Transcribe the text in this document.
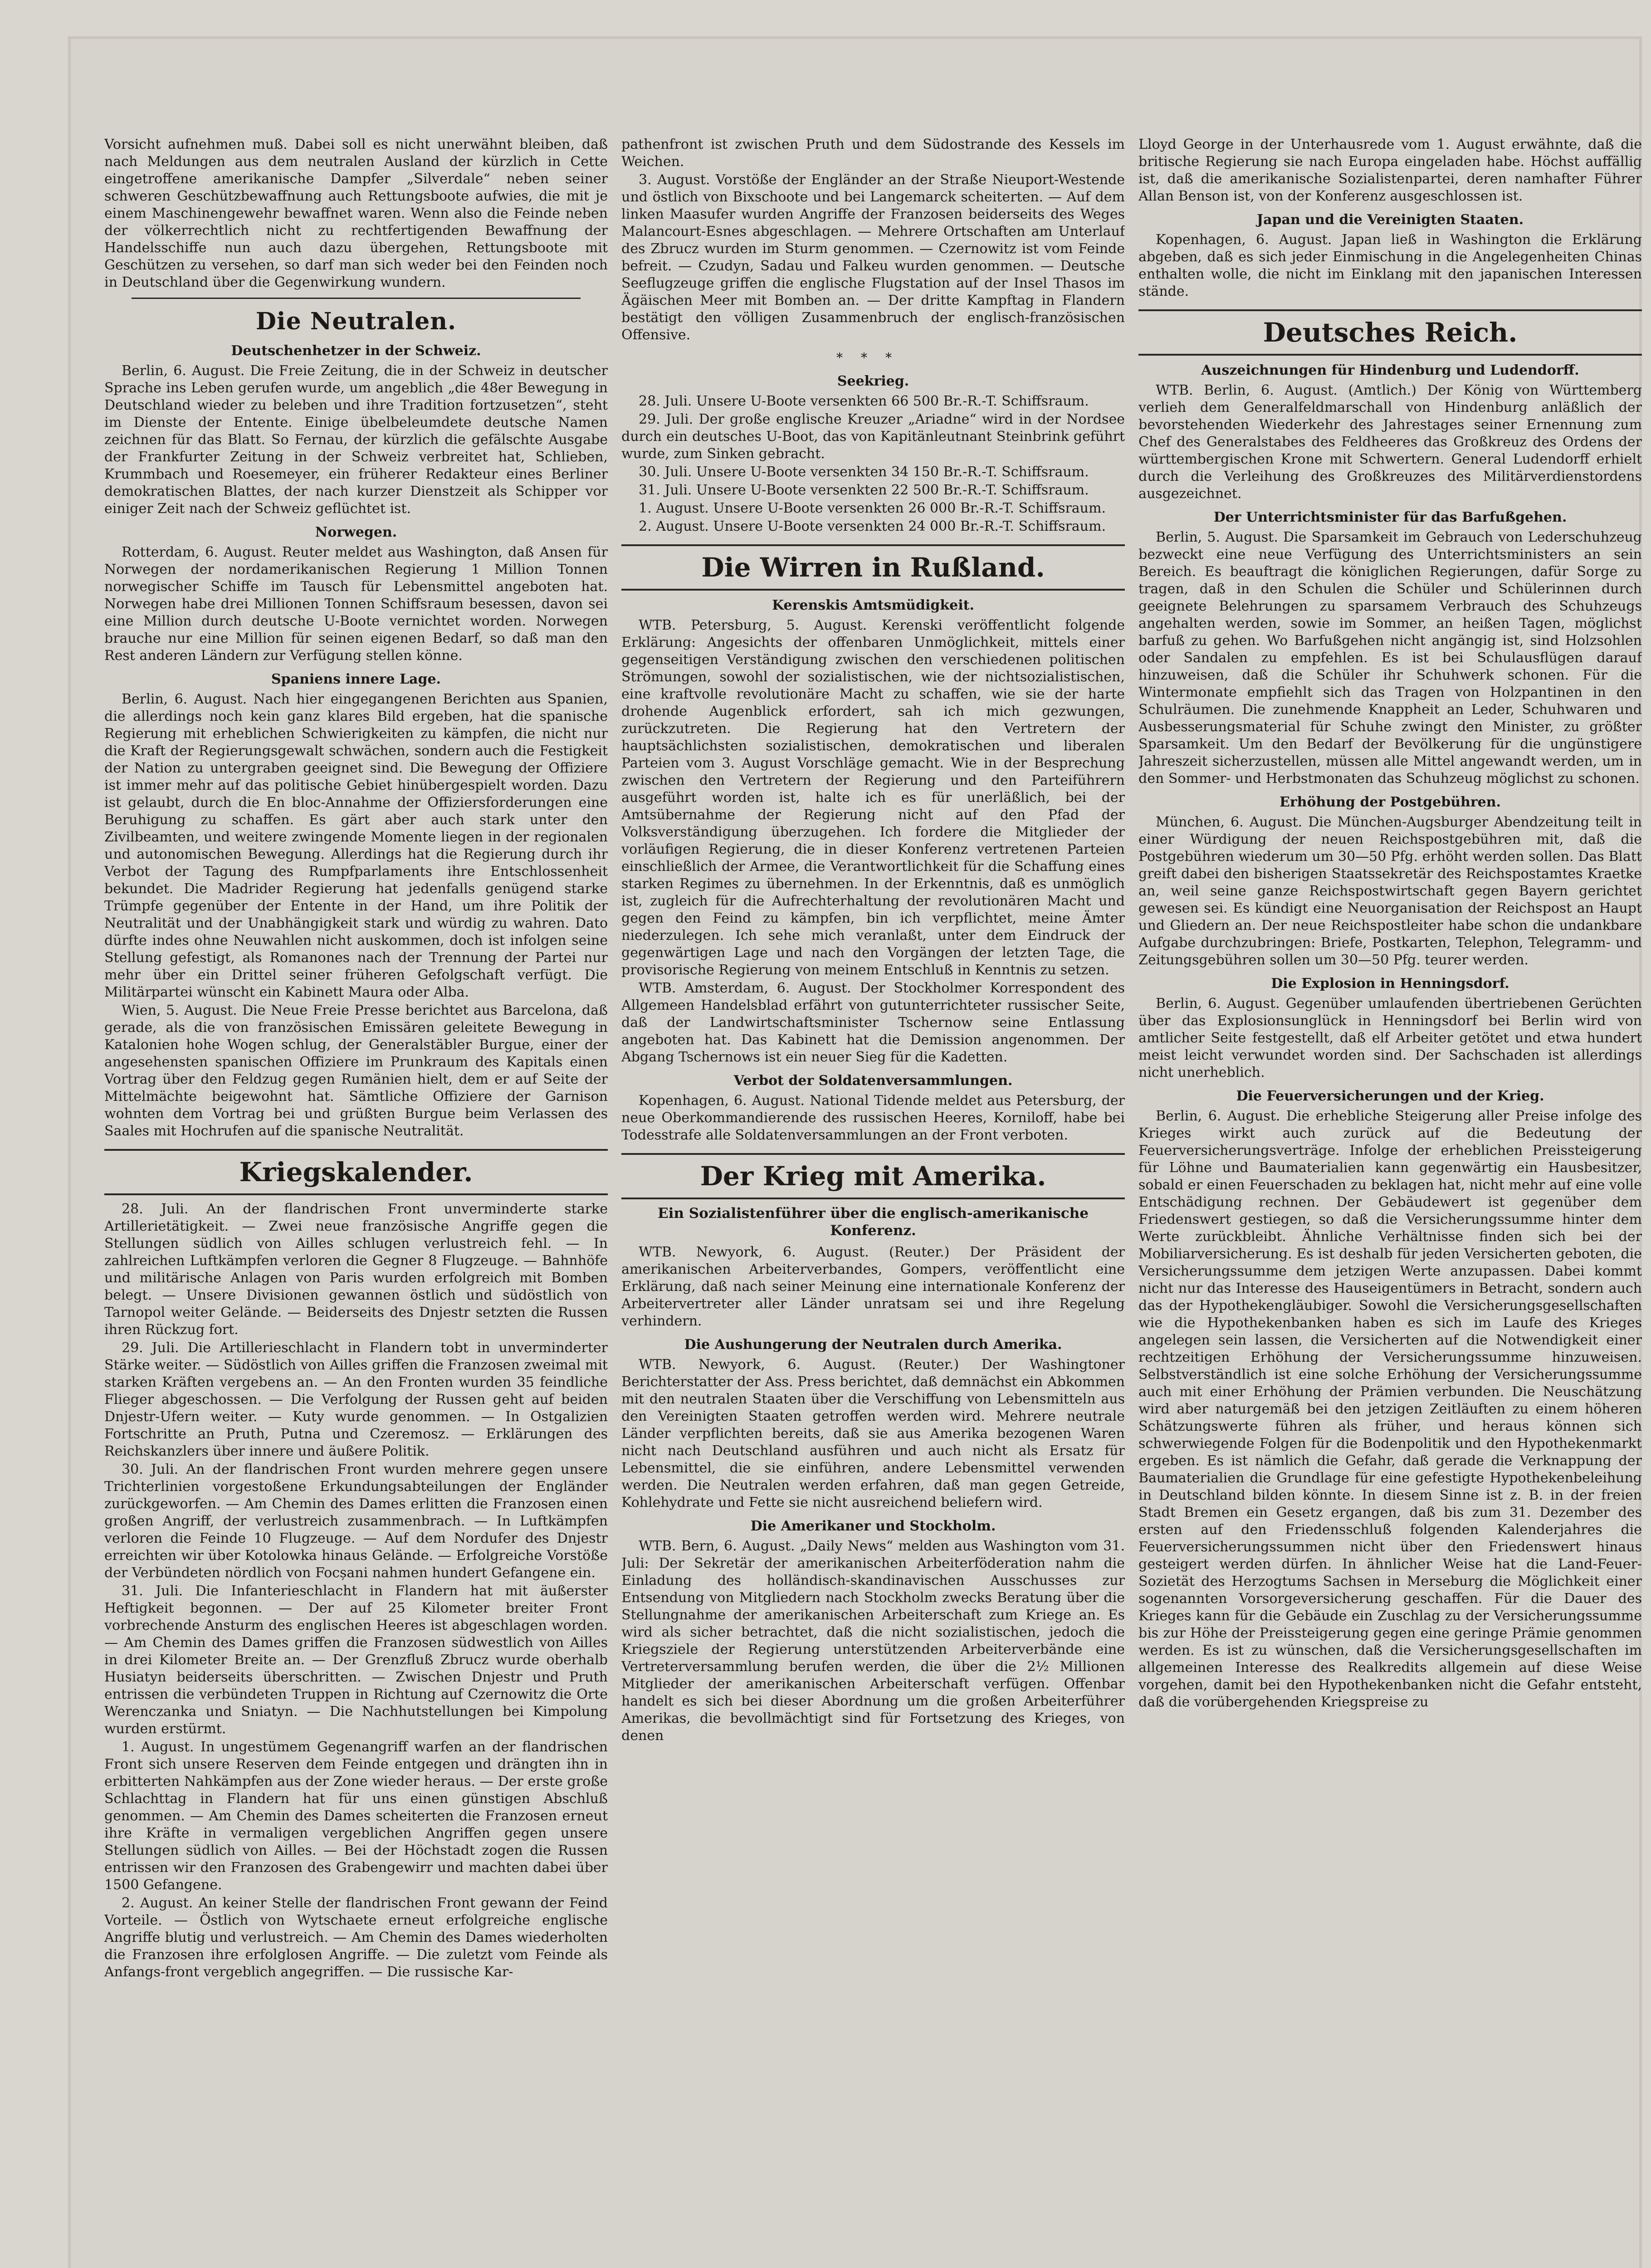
Vorsicht aufnehmen muß. Dabei soll es nicht unerwähnt bleiben, daß nach Meldungen aus dem neutralen Ausland der kürzlich in Cette eingetroffene amerikanische Dampfer „Silverdale“ neben seiner schweren Geschützbewaffnung auch Rettungsboote aufwies, die mit je einem Maschinengewehr bewaffnet waren. Wenn also die Feinde neben der völkerrechtlich nicht zu rechtfertigenden Bewaffnung der Handelsschiffe nun auch dazu übergehen, Rettungsboote mit Geschützen zu versehen, so darf man sich weder bei den Feinden noch in Deutschland über die Gegenwirkung wundern.

Die Neutralen.
Deutschenhetzer in der Schweiz.

Berlin, 6. August. Die Freie Zeitung, die in der Schweiz in deutscher Sprache ins Leben gerufen wurde, um angeblich „die 48er Bewegung in Deutschland wieder zu beleben und ihre Tradition fortzusetzen“, steht im Dienste der Entente. Einige übelbeleumdete deutsche Namen zeichnen für das Blatt. So Fernau, der kürzlich die gefälschte Ausgabe der Frankfurter Zeitung in der Schweiz verbreitet hat, Schlieben, Krummbach und Roesemeyer, ein früherer Redakteur eines Berliner demokratischen Blattes, der nach kurzer Dienstzeit als Schipper vor einiger Zeit nach der Schweiz geflüchtet ist.

Norwegen.

Rotterdam, 6. August. Reuter meldet aus Washington, daß Ansen für Norwegen der nordamerikanischen Regierung 1 Million Tonnen norwegischer Schiffe im Tausch für Lebensmittel angeboten hat. Norwegen habe drei Millionen Tonnen Schiffsraum besessen, davon sei eine Million durch deutsche U-Boote vernichtet worden. Norwegen brauche nur eine Million für seinen eigenen Bedarf, so daß man den Rest anderen Ländern zur Verfügung stellen könne.

Spaniens innere Lage.

Berlin, 6. August. Nach hier eingegangenen Berichten aus Spanien, die allerdings noch kein ganz klares Bild ergeben, hat die spanische Regierung mit erheblichen Schwierigkeiten zu kämpfen, die nicht nur die Kraft der Regierungsgewalt schwächen, sondern auch die Festigkeit der Nation zu untergraben geeignet sind. Die Bewegung der Offiziere ist immer mehr auf das politische Gebiet hinübergespielt worden. Dazu ist gelaubt, durch die En bloc-Annahme der Offiziersforderungen eine Beruhigung zu schaffen. Es gärt aber auch stark unter den Zivilbeamten, und weitere zwingende Momente liegen in der regionalen und autonomischen Bewegung. Allerdings hat die Regierung durch ihr Verbot der Tagung des Rumpfparlaments ihre Entschlossenheit bekundet. Die Madrider Regierung hat jedenfalls genügend starke Trümpfe gegenüber der Entente in der Hand, um ihre Politik der Neutralität und der Unabhängigkeit stark und würdig zu wahren. Dato dürfte indes ohne Neuwahlen nicht auskommen, doch ist infolgen seine Stellung gefestigt, als Romanones nach der Trennung der Partei nur mehr über ein Drittel seiner früheren Gefolgschaft verfügt. Die Militärpartei wünscht ein Kabinett Maura oder Alba.

Wien, 5. August. Die Neue Freie Presse berichtet aus Barcelona, daß gerade, als die von französischen Emissären geleitete Bewegung in Katalonien hohe Wogen schlug, der Generalstäbler Burgue, einer der angesehensten spanischen Offiziere im Prunkraum des Kapitals einen Vortrag über den Feldzug gegen Rumänien hielt, dem er auf Seite der Mittelmächte beigewohnt hat. Sämtliche Offiziere der Garnison wohnten dem Vortrag bei und grüßten Burgue beim Verlassen des Saales mit Hochrufen auf die spanische Neutralität.

Kriegskalender.

28. Juli. An der flandrischen Front unverminderte starke Artillerietätigkeit. — Zwei neue französische Angriffe gegen die Stellungen südlich von Ailles schlugen verlustreich fehl. — In zahlreichen Luftkämpfen verloren die Gegner 8 Flugzeuge. — Bahnhöfe und militärische Anlagen von Paris wurden erfolgreich mit Bomben belegt. — Unsere Divisionen gewannen östlich und südöstlich von Tarnopol weiter Gelände. — Beiderseits des Dnjestr setzten die Russen ihren Rückzug fort.

29. Juli. Die Artillerieschlacht in Flandern tobt in unverminderter Stärke weiter. — Südöstlich von Ailles griffen die Franzosen zweimal mit starken Kräften vergebens an. — An den Fronten wurden 35 feindliche Flieger abgeschossen. — Die Verfolgung der Russen geht auf beiden Dnjestr-Ufern weiter. — Kuty wurde genommen. — In Ostgalizien Fortschritte an Pruth, Putna und Czeremosz. — Erklärungen des Reichskanzlers über innere und äußere Politik.

30. Juli. An der flandrischen Front wurden mehrere gegen unsere Trichterlinien vorgestoßene Erkundungsabteilungen der Engländer zurückgeworfen. — Am Chemin des Dames erlitten die Franzosen einen großen Angriff, der verlustreich zusammenbrach. — In Luftkämpfen verloren die Feinde 10 Flugzeuge. — Auf dem Nordufer des Dnjestr erreichten wir über Kotolowka hinaus Gelände. — Erfolgreiche Vorstöße der Verbündeten nördlich von Focșani nahmen hundert Gefangene ein.

31. Juli. Die Infanterieschlacht in Flandern hat mit äußerster Heftigkeit begonnen. — Der auf 25 Kilometer breiter Front vorbrechende Ansturm des englischen Heeres ist abgeschlagen worden. — Am Chemin des Dames griffen die Franzosen südwestlich von Ailles in drei Kilometer Breite an. — Der Grenzfluß Zbrucz wurde oberhalb Husiatyn beiderseits überschritten. — Zwischen Dnjestr und Pruth entrissen die verbündeten Truppen in Richtung auf Czernowitz die Orte Werenczanka und Sniatyn. — Die Nachhutstellungen bei Kimpolung wurden erstürmt.

1. August. In ungestümem Gegenangriff warfen an der flandrischen Front sich unsere Reserven dem Feinde entgegen und drängten ihn in erbitterten Nahkämpfen aus der Zone wieder heraus. — Der erste große Schlachttag in Flandern hat für uns einen günstigen Abschluß genommen. — Am Chemin des Dames scheiterten die Franzosen erneut ihre Kräfte in vermaligen vergeblichen Angriffen gegen unsere Stellungen südlich von Ailles. — Bei der Höchstadt zogen die Russen entrissen wir den Franzosen des Grabengewirr und machten dabei über 1500 Gefangene.

2. August. An keiner Stelle der flandrischen Front gewann der Feind Vorteile. — Östlich von Wytschaete erneut erfolgreiche englische Angriffe blutig und verlustreich. — Am Chemin des Dames wiederholten die Franzosen ihre erfolglosen Angriffe. — Die zuletzt vom Feinde als Anfangs-front vergeblich angegriffen. — Die russische Kar-

pathenfront ist zwischen Pruth und dem Südostrande des Kessels im Weichen.

3. August. Vorstöße der Engländer an der Straße Nieuport-Westende und östlich von Bixschoote und bei Langemarck scheiterten. — Auf dem linken Maasufer wurden Angriffe der Franzosen beiderseits des Weges Malancourt-Esnes abgeschlagen. — Mehrere Ortschaften am Unterlauf des Zbrucz wurden im Sturm genommen. — Czernowitz ist vom Feinde befreit. — Czudyn, Sadau und Falkeu wurden genommen. — Deutsche Seeflugzeuge griffen die englische Flugstation auf der Insel Thasos im Ägäischen Meer mit Bomben an. — Der dritte Kampftag in Flandern bestätigt den völligen Zusammenbruch der englisch-französischen Offensive.

***
Seekrieg.

28. Juli. Unsere U-Boote versenkten 66 500 Br.-R.-T. Schiffsraum.

29. Juli. Der große englische Kreuzer „Ariadne“ wird in der Nordsee durch ein deutsches U-Boot, das von Kapitänleutnant Steinbrink geführt wurde, zum Sinken gebracht.

30. Juli. Unsere U-Boote versenkten 34 150 Br.-R.-T. Schiffsraum.

31. Juli. Unsere U-Boote versenkten 22 500 Br.-R.-T. Schiffsraum.

1. August. Unsere U-Boote versenkten 26 000 Br.-R.-T. Schiffsraum.

2. August. Unsere U-Boote versenkten 24 000 Br.-R.-T. Schiffsraum.

Die Wirren in Rußland.
Kerenskis Amtsmüdigkeit.

WTB. Petersburg, 5. August. Kerenski veröffentlicht folgende Erklärung: Angesichts der offenbaren Unmöglichkeit, mittels einer gegenseitigen Verständigung zwischen den verschiedenen politischen Strömungen, sowohl der sozialistischen, wie der nichtsozialistischen, eine kraftvolle revolutionäre Macht zu schaffen, wie sie der harte drohende Augenblick erfordert, sah ich mich gezwungen, zurückzutreten. Die Regierung hat den Vertretern der hauptsächlichsten sozialistischen, demokratischen und liberalen Parteien vom 3. August Vorschläge gemacht. Wie in der Besprechung zwischen den Vertretern der Regierung und den Parteiführern ausgeführt worden ist, halte ich es für unerläßlich, bei der Amtsübernahme der Regierung nicht auf den Pfad der Volksverständigung überzugehen. Ich fordere die Mitglieder der vorläufigen Regierung, die in dieser Konferenz vertretenen Parteien einschließlich der Armee, die Verantwortlichkeit für die Schaffung eines starken Regimes zu übernehmen. In der Erkenntnis, daß es unmöglich ist, zugleich für die Aufrechterhaltung der revolutionären Macht und gegen den Feind zu kämpfen, bin ich verpflichtet, meine Ämter niederzulegen. Ich sehe mich veranlaßt, unter dem Eindruck der gegenwärtigen Lage und nach den Vorgängen der letzten Tage, die provisorische Regierung von meinem Entschluß in Kenntnis zu setzen.

WTB. Amsterdam, 6. August. Der Stockholmer Korrespondent des Allgemeen Handelsblad erfährt von gutunterrichteter russischer Seite, daß der Landwirtschaftsminister Tschernow seine Entlassung angeboten hat. Das Kabinett hat die Demission angenommen. Der Abgang Tschernows ist ein neuer Sieg für die Kadetten.

Verbot der Soldatenversammlungen.

Kopenhagen, 6. August. National Tidende meldet aus Petersburg, der neue Oberkommandierende des russischen Heeres, Korniloff, habe bei Todesstrafe alle Soldatenversammlungen an der Front verboten.

Der Krieg mit Amerika.
Ein Sozialistenführer über die englisch-amerikanische Konferenz.

WTB. Newyork, 6. August. (Reuter.) Der Präsident der amerikanischen Arbeiterverbandes, Gompers, veröffentlicht eine Erklärung, daß nach seiner Meinung eine internationale Konferenz der Arbeitervertreter aller Länder unratsam sei und ihre Regelung verhindern.

Die Aushungerung der Neutralen durch Amerika.

WTB. Newyork, 6. August. (Reuter.) Der Washingtoner Berichterstatter der Ass. Press berichtet, daß demnächst ein Abkommen mit den neutralen Staaten über die Verschiffung von Lebensmitteln aus den Vereinigten Staaten getroffen werden wird. Mehrere neutrale Länder verpflichten bereits, daß sie aus Amerika bezogenen Waren nicht nach Deutschland ausführen und auch nicht als Ersatz für Lebensmittel, die sie einführen, andere Lebensmittel verwenden werden. Die Neutralen werden erfahren, daß man gegen Getreide, Kohlehydrate und Fette sie nicht ausreichend beliefern wird.

Die Amerikaner und Stockholm.

WTB. Bern, 6. August. „Daily News“ melden aus Washington vom 31. Juli: Der Sekretär der amerikanischen Arbeiterföderation nahm die Einladung des holländisch-skandinavischen Ausschusses zur Entsendung von Mitgliedern nach Stockholm zwecks Beratung über die Stellungnahme der amerikanischen Arbeiterschaft zum Kriege an. Es wird als sicher betrachtet, daß die nicht sozialistischen, jedoch die Kriegsziele der Regierung unterstützenden Arbeiterverbände eine Vertreterversammlung berufen werden, die über die 2½ Millionen Mitglieder der amerikanischen Arbeiterschaft verfügen. Offenbar handelt es sich bei dieser Abordnung um die großen Arbeiterführer Amerikas, die bevollmächtigt sind für Fortsetzung des Krieges, von denen

Lloyd George in der Unterhausrede vom 1. August erwähnte, daß die britische Regierung sie nach Europa eingeladen habe. Höchst auffällig ist, daß die amerikanische Sozialistenpartei, deren namhafter Führer Allan Benson ist, von der Konferenz ausgeschlossen ist.

Japan und die Vereinigten Staaten.

Kopenhagen, 6. August. Japan ließ in Washington die Erklärung abgeben, daß es sich jeder Einmischung in die Angelegenheiten Chinas enthalten wolle, die nicht im Einklang mit den japanischen Interessen stände.

Deutsches Reich.
Auszeichnungen für Hindenburg und Ludendorff.

WTB. Berlin, 6. August. (Amtlich.) Der König von Württemberg verlieh dem Generalfeldmarschall von Hindenburg anläßlich der bevorstehenden Wiederkehr des Jahrestages seiner Ernennung zum Chef des Generalstabes des Feldheeres das Großkreuz des Ordens der württembergischen Krone mit Schwertern. General Ludendorff erhielt durch die Verleihung des Großkreuzes des Militärverdienstordens ausgezeichnet.

Der Unterrichtsminister für das Barfußgehen.

Berlin, 5. August. Die Sparsamkeit im Gebrauch von Lederschuhzeug bezweckt eine neue Verfügung des Unterrichtsministers an sein Bereich. Es beauftragt die königlichen Regierungen, dafür Sorge zu tragen, daß in den Schulen die Schüler und Schülerinnen durch geeignete Belehrungen zu sparsamem Verbrauch des Schuhzeugs angehalten werden, sowie im Sommer, an heißen Tagen, möglichst barfuß zu gehen. Wo Barfußgehen nicht angängig ist, sind Holzsohlen oder Sandalen zu empfehlen. Es ist bei Schulausflügen darauf hinzuweisen, daß die Schüler ihr Schuhwerk schonen. Für die Wintermonate empfiehlt sich das Tragen von Holzpantinen in den Schulräumen. Die zunehmende Knappheit an Leder, Schuhwaren und Ausbesserungsmaterial für Schuhe zwingt den Minister, zu größter Sparsamkeit. Um den Bedarf der Bevölkerung für die ungünstigere Jahreszeit sicherzustellen, müssen alle Mittel angewandt werden, um in den Sommer- und Herbstmonaten das Schuhzeug möglichst zu schonen.

Erhöhung der Postgebühren.

München, 6. August. Die München-Augsburger Abendzeitung teilt in einer Würdigung der neuen Reichspostgebühren mit, daß die Postgebühren wiederum um 30—50 Pfg. erhöht werden sollen. Das Blatt greift dabei den bisherigen Staatssekretär des Reichspostamtes Kraetke an, weil seine ganze Reichspostwirtschaft gegen Bayern gerichtet gewesen sei. Es kündigt eine Neuorganisation der Reichspost an Haupt und Gliedern an. Der neue Reichspostleiter habe schon die undankbare Aufgabe durchzubringen: Briefe, Postkarten, Telephon, Telegramm- und Zeitungsgebühren sollen um 30—50 Pfg. teurer werden.

Die Explosion in Henningsdorf.

Berlin, 6. August. Gegenüber umlaufenden übertriebenen Gerüchten über das Explosionsunglück in Henningsdorf bei Berlin wird von amtlicher Seite festgestellt, daß elf Arbeiter getötet und etwa hundert meist leicht verwundet worden sind. Der Sachschaden ist allerdings nicht unerheblich.

Die Feuerversicherungen und der Krieg.

Berlin, 6. August. Die erhebliche Steigerung aller Preise infolge des Krieges wirkt auch zurück auf die Bedeutung der Feuerversicherungsverträge. Infolge der erheblichen Preissteigerung für Löhne und Baumaterialien kann gegenwärtig ein Hausbesitzer, sobald er einen Feuerschaden zu beklagen hat, nicht mehr auf eine volle Entschädigung rechnen. Der Gebäudewert ist gegenüber dem Friedenswert gestiegen, so daß die Versicherungssumme hinter dem Werte zurückbleibt. Ähnliche Verhältnisse finden sich bei der Mobiliarversicherung. Es ist deshalb für jeden Versicherten geboten, die Versicherungssumme dem jetzigen Werte anzupassen. Dabei kommt nicht nur das Interesse des Hauseigentümers in Betracht, sondern auch das der Hypothekengläubiger. Sowohl die Versicherungsgesellschaften wie die Hypothekenbanken haben es sich im Laufe des Krieges angelegen sein lassen, die Versicherten auf die Notwendigkeit einer rechtzeitigen Erhöhung der Versicherungssumme hinzuweisen. Selbstverständlich ist eine solche Erhöhung der Versicherungssumme auch mit einer Erhöhung der Prämien verbunden. Die Neuschätzung wird aber naturgemäß bei den jetzigen Zeitläuften zu einem höheren Schätzungswerte führen als früher, und heraus können sich schwerwiegende Folgen für die Bodenpolitik und den Hypothekenmarkt ergeben. Es ist nämlich die Gefahr, daß gerade die Verknappung der Baumaterialien die Grundlage für eine gefestigte Hypothekenbeleihung in Deutschland bilden könnte. In diesem Sinne ist z. B. in der freien Stadt Bremen ein Gesetz ergangen, daß bis zum 31. Dezember des ersten auf den Friedensschluß folgenden Kalenderjahres die Feuerversicherungssummen nicht über den Friedenswert hinaus gesteigert werden dürfen. In ähnlicher Weise hat die Land-Feuer-Sozietät des Herzogtums Sachsen in Merseburg die Möglichkeit einer sogenannten Vorsorgeversicherung geschaffen. Für die Dauer des Krieges kann für die Gebäude ein Zuschlag zu der Versicherungssumme bis zur Höhe der Preissteigerung gegen eine geringe Prämie genommen werden. Es ist zu wünschen, daß die Versicherungsgesellschaften im allgemeinen Interesse des Realkredits allgemein auf diese Weise vorgehen, damit bei den Hypothekenbanken nicht die Gefahr entsteht, daß die vorübergehenden Kriegspreise zu
